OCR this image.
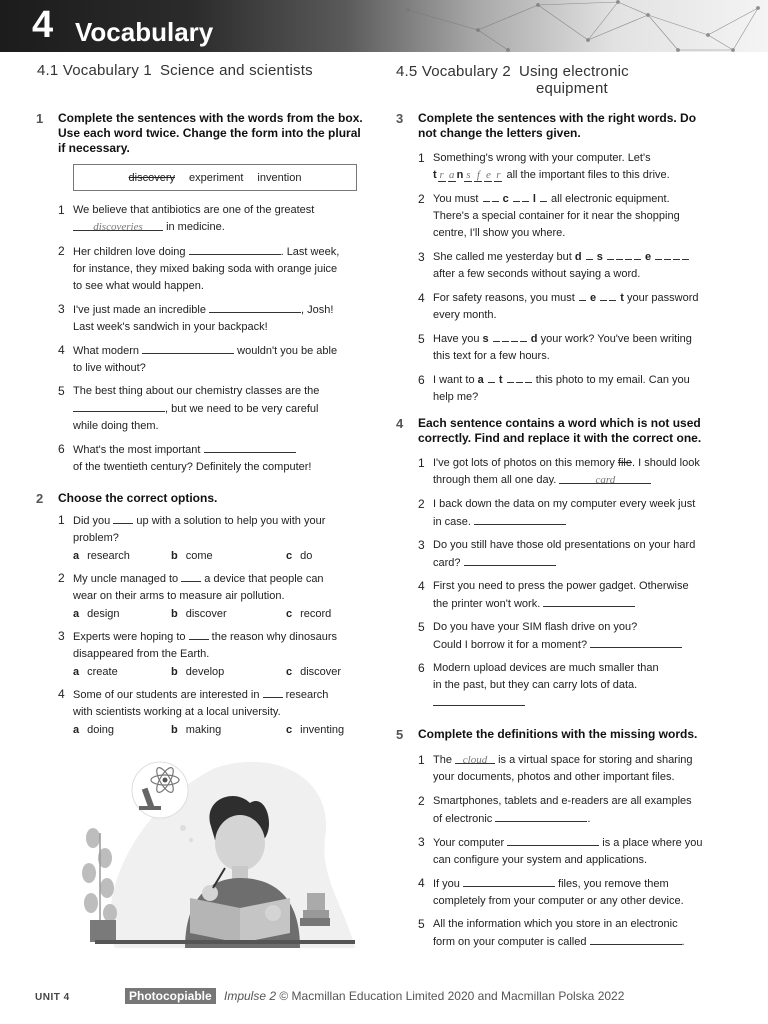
4 Vocabulary
4.1 Vocabulary 1 Science and scientists	4.5 Vocabulary 2 Using electronic
equipment
1 Complete the sentences with the words from the box. Use each word twice. Change the form into the plural if necessary.
discovery experiment invention
1 We believe that antibiotics are one of the greatest
discoveries in medicine.
2 Her children love doing	. Last week,
for instance, they mixed baking soda with orange juice
to see what would happen.
3 I've just made an incredible	, Josh!
Last week's sandwich in your backpack!
4 What modern	wouldn't you be able
to live without?
5 The best thing about our chemistry classes are the
, but we need to be very careful
while doing them.
6 What's the most important
of the twentieth century? Definitely the computer!
2 Choose the correct options.
1 Did you up with a solution to help you with your
problem?
a research	b come	c do
2 My uncle managed to a device that people can
wear on their arms to measure air pollution.
a design	b discover	c record
3 Experts were hoping to the reason why dinosaurs
disappeared from the Earth.
a create	b develop	c discover
4 Some of our students are interested in research
with scientists working at a local university.
a doing	b making	c inventing
3 Complete the sentences with the right words. Do not change the letters given.
1 Something's wrong with your computer. Let's
t r a n s f e r all the important files to this drive.
2 You must c l all electronic equipment.
There's a special container for it near the shopping
centre, I'll show you where.
3 She called me yesterday but d s	e
after a few seconds without saying a word.
4 For safety reasons, you must e t your password
every month.
5 Have you s	d your work? You've been writing
this text for a few hours.
6 I want to a t	this photo to my email. Can you
help me?
4 Each sentence contains a word which is not used correctly. Find and replace it with the correct one.
1 I've got lots of photos on this memory file. I should look
through them all one day.	card
2 I back down the data on my computer every week just
in case.
3 Do you still have those old presentations on your hard
card?
4 First you need to press the power gadget. Otherwise
the printer won't work.
5 Do you have your SIM flash drive on you?
Could I borrow it for a moment?
6 Modern upload devices are much smaller than
in the past, but they can carry lots of data.

5 Complete the definitions with the missing words.
1 The cloud is a virtual space for storing and sharing
your documents, photos and other important files.
2 Smartphones, tablets and e-readers are all examples
of electronic	.
3 Your computer	is a place where you
can configure your system and applications.
4 If you	files, you remove them
completely from your computer or any other device.
5 All the information which you store in an electronic
form on your computer is called	.
UNIT 4	Photocopiable	Impulse 2 © Macmillan Education Limited 2020 and Macmillan Polska 2022
